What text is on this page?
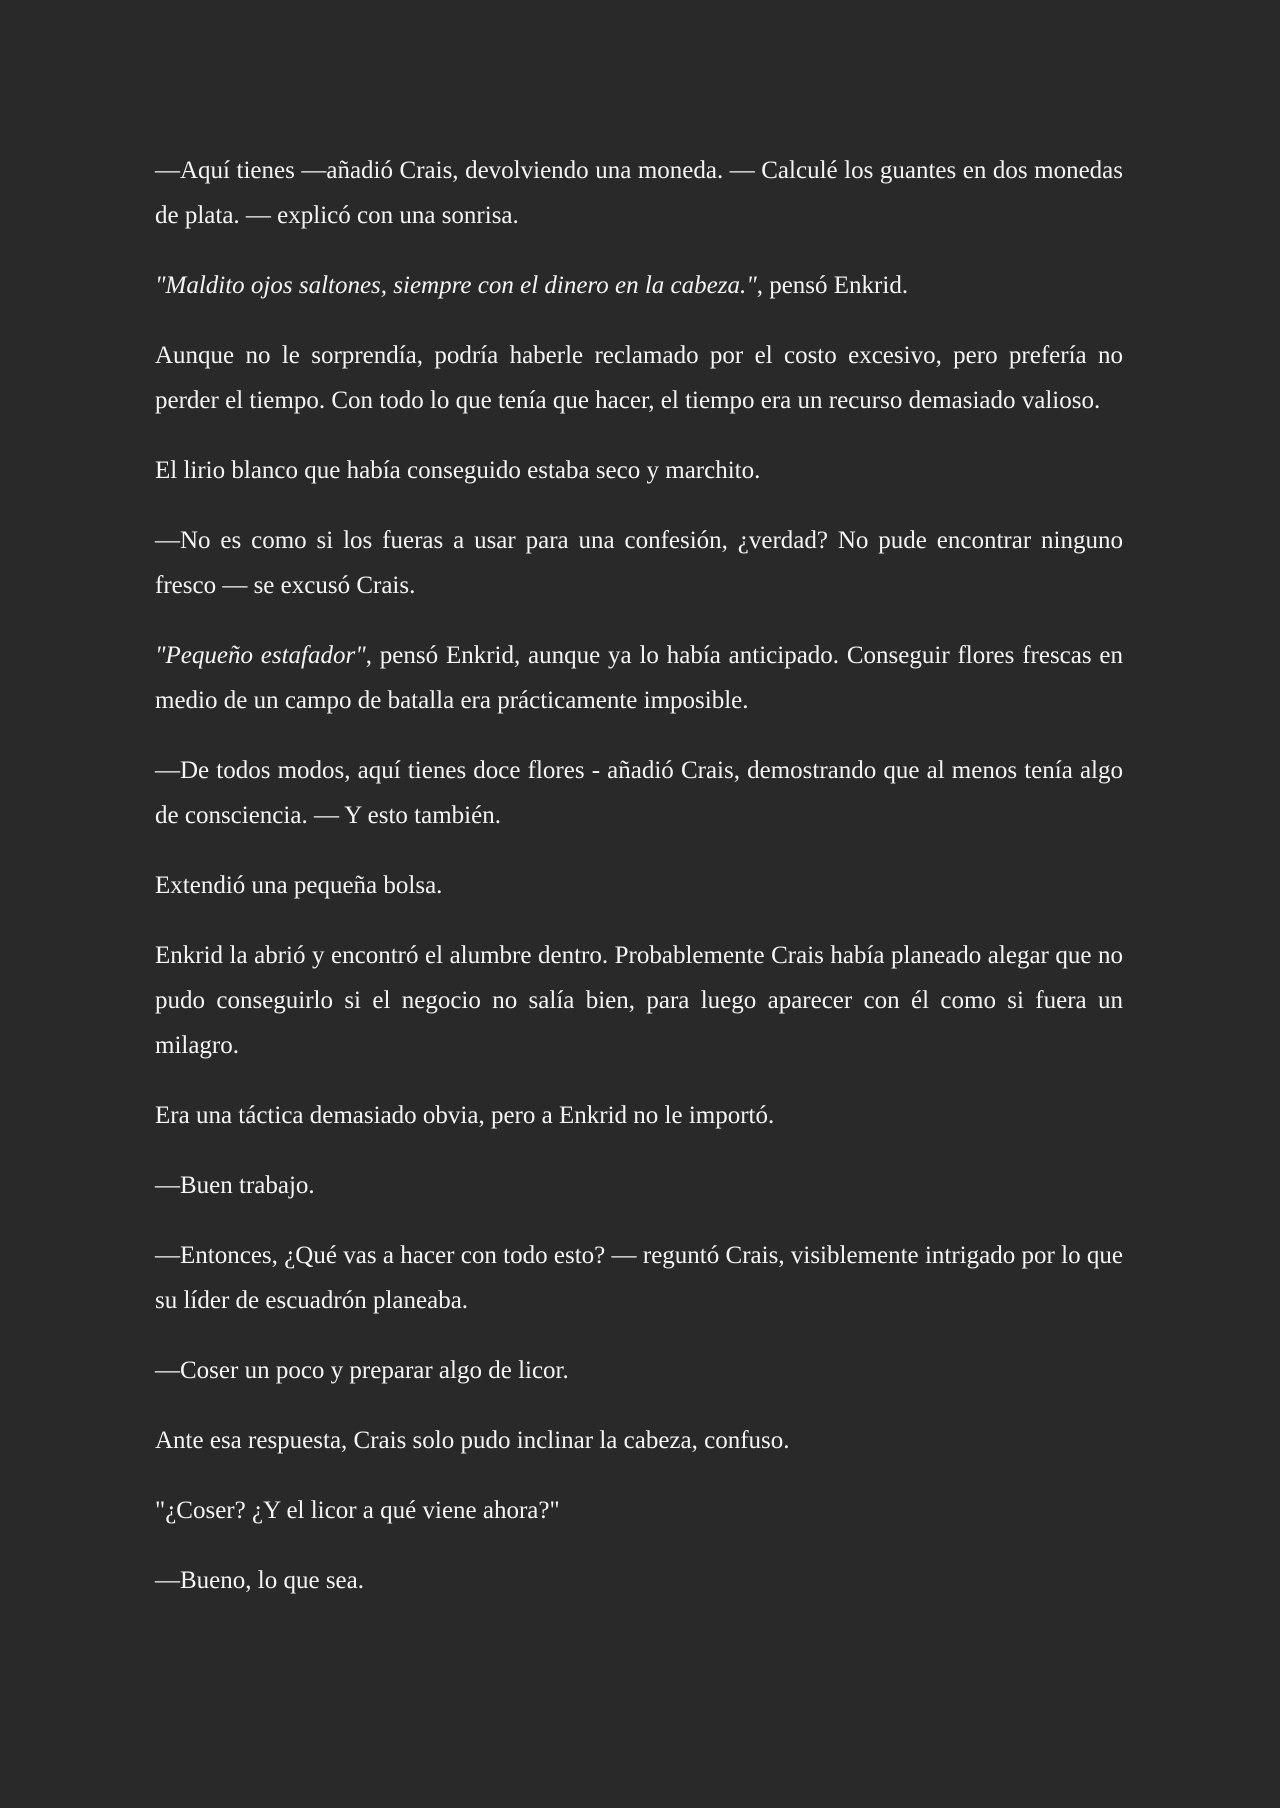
—Aquí tienes —añadió Crais, devolviendo una moneda. — Calculé los guantes en dos monedas de plata. — explicó con una sonrisa.

"Maldito ojos saltones, siempre con el dinero en la cabeza.", pensó Enkrid.

Aunque no le sorprendía, podría haberle reclamado por el costo excesivo, pero prefería no perder el tiempo. Con todo lo que tenía que hacer, el tiempo era un recurso demasiado valioso.

El lirio blanco que había conseguido estaba seco y marchito.

—No es como si los fueras a usar para una confesión, ¿verdad? No pude encontrar ninguno fresco — se excusó Crais.

"Pequeño estafador", pensó Enkrid, aunque ya lo había anticipado. Conseguir flores frescas en medio de un campo de batalla era prácticamente imposible.

—De todos modos, aquí tienes doce flores - añadió Crais, demostrando que al menos tenía algo de consciencia. — Y esto también.

Extendió una pequeña bolsa.

Enkrid la abrió y encontró el alumbre dentro. Probablemente Crais había planeado alegar que no pudo conseguirlo si el negocio no salía bien, para luego aparecer con él como si fuera un milagro.

Era una táctica demasiado obvia, pero a Enkrid no le importó.

—Buen trabajo.

—Entonces, ¿Qué vas a hacer con todo esto? — reguntó Crais, visiblemente intrigado por lo que su líder de escuadrón planeaba.

—Coser un poco y preparar algo de licor.

Ante esa respuesta, Crais solo pudo inclinar la cabeza, confuso.

"¿Coser? ¿Y el licor a qué viene ahora?"

—Bueno, lo que sea.
